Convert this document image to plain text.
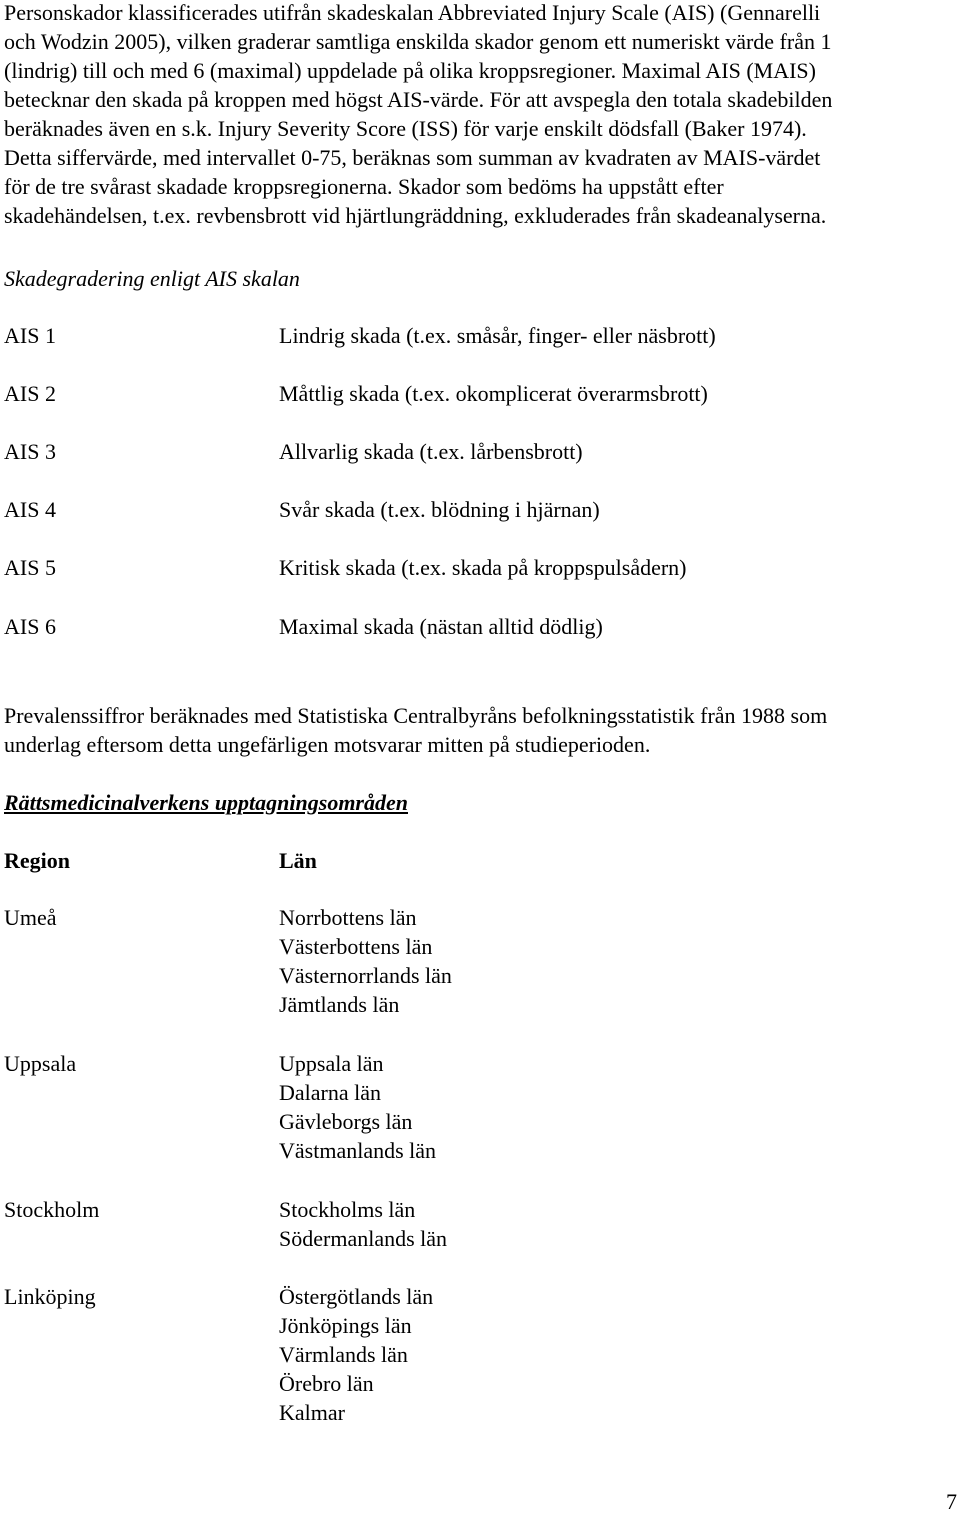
Personskador klassificerades utifrån skadeskalan Abbreviated Injury Scale (AIS) (Gennarelli
och Wodzin 2005), vilken graderar samtliga enskilda skador genom ett numeriskt värde från 1
(lindrig) till och med 6 (maximal) uppdelade på olika kroppsregioner. Maximal AIS (MAIS)
betecknar den skada på kroppen med högst AIS-värde. För att avspegla den totala skadebilden
beräknades även en s.k. Injury Severity Score (ISS) för varje enskilt dödsfall (Baker 1974).
Detta siffervärde, med intervallet 0-75, beräknas som summan av kvadraten av MAIS-värdet
för de tre svårast skadade kroppsregionerna. Skador som bedöms ha uppstått efter
skadehändelsen, t.ex. revbensbrott vid hjärtlungräddning, exkluderades från skadeanalyserna.

Skadegradering enligt AIS skalan

AIS 1	Lindrig skada (t.ex. småsår, finger- eller näsbrott)
AIS 2	Måttlig skada (t.ex. okomplicerat överarmsbrott)
AIS 3	Allvarlig skada (t.ex. lårbensbrott)
AIS 4	Svår skada (t.ex. blödning i hjärnan)
AIS 5	Kritisk skada (t.ex. skada på kroppspulsådern)
AIS 6	Maximal skada (nästan alltid dödlig)
Prevalenssiffror beräknades med Statistiska Centralbyråns befolkningsstatistik från 1988 som
underlag eftersom detta ungefärligen motsvarar mitten på studieperioden.

Rättsmedicinalverkens upptagningsområden

Region	Län
Umeå	Norrbottens län
Västerbottens län
Västernorrlands län
Jämtlands län
Uppsala	Uppsala län
Dalarna län
Gävleborgs län
Västmanlands län
Stockholm	Stockholms län
Södermanlands län
Linköping	Östergötlands län
Jönköpings län
Värmlands län
Örebro län
Kalmar
7
